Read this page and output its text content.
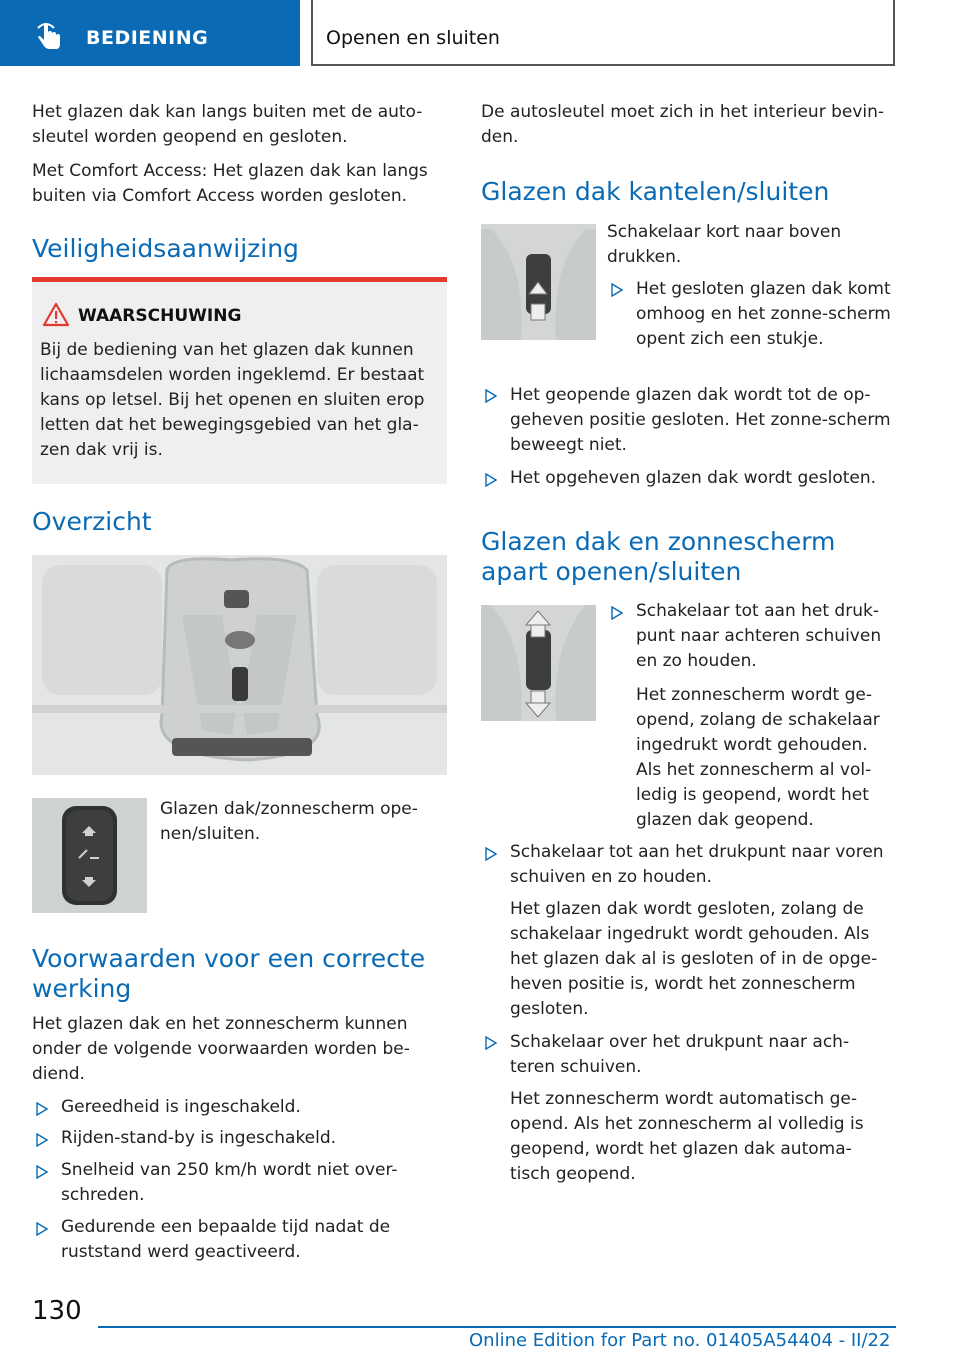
BEDIENING	Openen en sluiten
Het glazen dak kan langs buiten met de auto-sleutel worden geopend en gesloten.
Met Comfort Access: Het glazen dak kan langs buiten via Comfort Access worden gesloten.
Veiligheidsaanwijzing
WAARSCHUWING
Bij de bediening van het glazen dak kunnen lichaamsdelen worden ingeklemd. Er bestaat kans op letsel. Bij het openen en sluiten erop letten dat het bewegingsgebied van het gla-zen dak vrij is.
Overzicht
Glazen dak/zonnescherm ope-nen/sluiten.
Voorwaarden voor een correcte werking
Het glazen dak en het zonnescherm kunnen onder de volgende voorwaarden worden be-diend.
Gereedheid is ingeschakeld.
Rijden-stand-by is ingeschakeld.
Snelheid van 250 km/h wordt niet over-schreden.
Gedurende een bepaalde tijd nadat de ruststand werd geactiveerd.
De autosleutel moet zich in het interieur bevin-den.
Glazen dak kantelen/sluiten
Schakelaar kort naar boven drukken.
Het gesloten glazen dak komt omhoog en het zonne-scherm opent zich een stukje.
Het geopende glazen dak wordt tot de op-geheven positie gesloten. Het zonne-scherm beweegt niet.
Het opgeheven glazen dak wordt gesloten.
Glazen dak en zonnescherm apart openen/sluiten
Schakelaar tot aan het druk-punt naar achteren schuiven en zo houden.
Het zonnescherm wordt ge-opend, zolang de schakelaar ingedrukt wordt gehouden. Als het zonnescherm al vol-ledig is geopend, wordt het glazen dak geopend.
Schakelaar tot aan het drukpunt naar voren schuiven en zo houden.
Het glazen dak wordt gesloten, zolang de schakelaar ingedrukt wordt gehouden. Als het glazen dak al is gesloten of in de opge-heven positie is, wordt het zonnescherm gesloten.
Schakelaar over het drukpunt naar ach-teren schuiven.
Het zonnescherm wordt automatisch ge-opend. Als het zonnescherm al volledig is geopend, wordt het glazen dak automa-tisch geopend.
130
Online Edition for Part no. 01405A54404 - II/22
